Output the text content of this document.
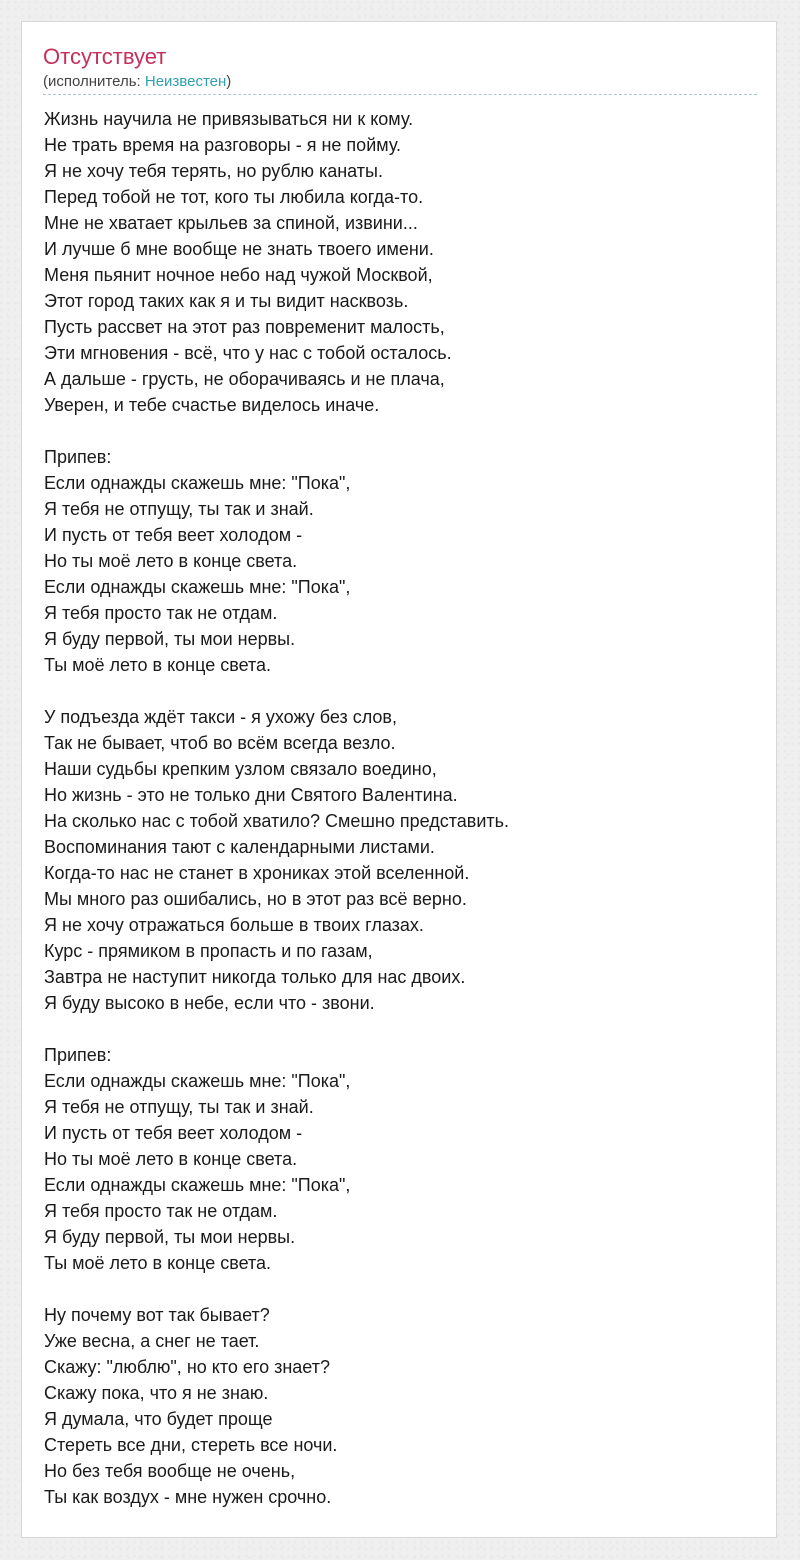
Отсутствует
(исполнитель: Неизвестен)
Жизнь научила не привязываться ни к кому.
Не трать время на разговоры - я не пойму.
Я не хочу тебя терять, но рублю канаты.
Перед тобой не тот, кого ты любила когда-то.
Мне не хватает крыльев за спиной, извини...
И лучше б мне вообще не знать твоего имени.
Меня пьянит ночное небо над чужой Москвой,
Этот город таких как я и ты видит насквозь.
Пусть рассвет на этот раз повременит малость,
Эти мгновения - всё, что у нас с тобой осталось.
А дальше - грусть, не оборачиваясь и не плача,
Уверен, и тебе счастье виделось иначе.
Припев:
Если однажды скажешь мне: "Пока",
Я тебя не отпущу, ты так и знай.
И пусть от тебя веет холодом -
Но ты моё лето в конце света.
Если однажды скажешь мне: "Пока",
Я тебя просто так не отдам.
Я буду первой, ты мои нервы.
Ты моё лето в конце света.
У подъезда ждёт такси - я ухожу без слов,
Так не бывает, чтоб во всём всегда везло.
Наши судьбы крепким узлом связало воедино,
Но жизнь - это не только дни Святого Валентина.
На сколько нас с тобой хватило? Смешно представить.
Воспоминания тают с календарными листами.
Когда-то нас не станет в хрониках этой вселенной.
Мы много раз ошибались, но в этот раз всё верно.
Я не хочу отражаться больше в твоих глазах.
Курс - прямиком в пропасть и по газам,
Завтра не наступит никогда только для нас двоих.
Я буду высоко в небе, если что - звони.
Припев:
Если однажды скажешь мне: "Пока",
Я тебя не отпущу, ты так и знай.
И пусть от тебя веет холодом -
Но ты моё лето в конце света.
Если однажды скажешь мне: "Пока",
Я тебя просто так не отдам.
Я буду первой, ты мои нервы.
Ты моё лето в конце света.
Ну почему вот так бывает?
Уже весна, а снег не тает.
Скажу: "люблю", но кто его знает?
Скажу пока, что я не знаю.
Я думала, что будет проще
Стереть все дни, стереть все ночи.
Но без тебя вообще не очень,
Ты как воздух - мне нужен срочно.
